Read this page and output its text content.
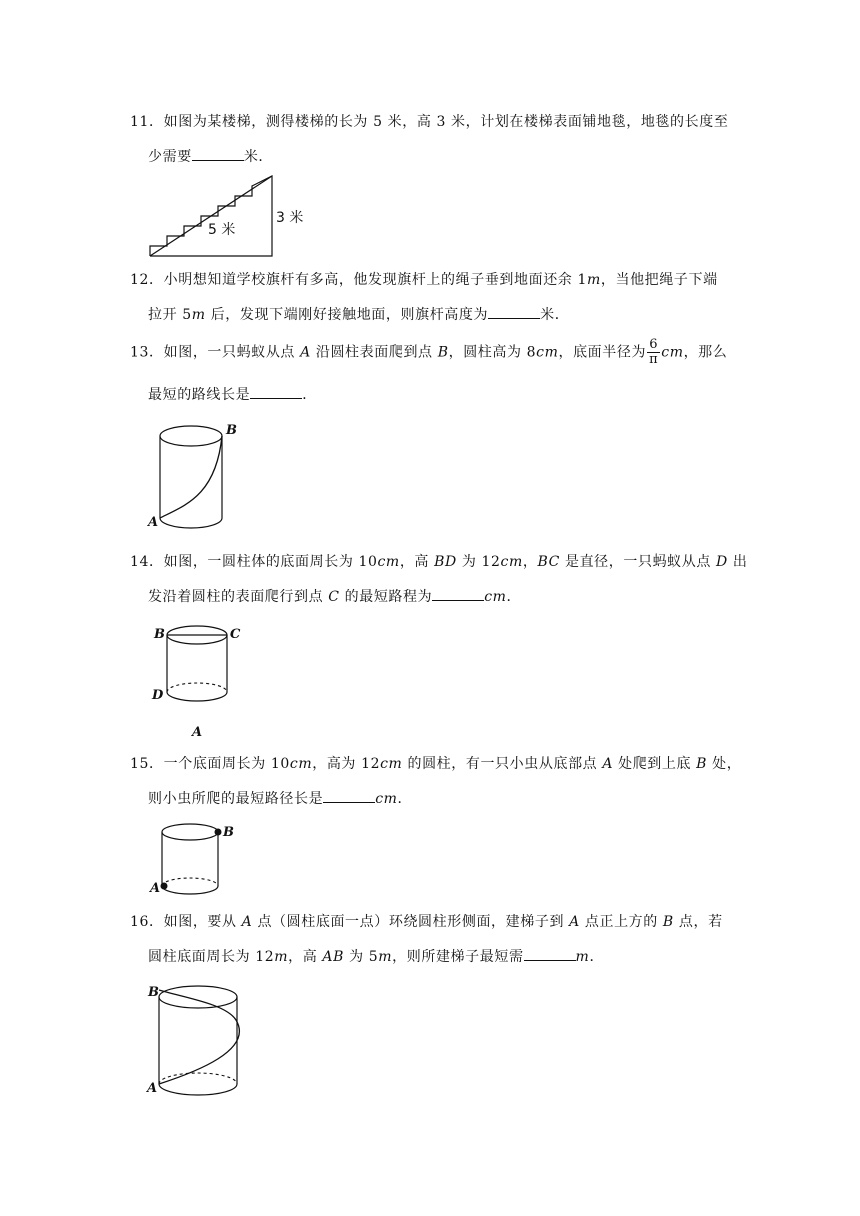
11．如图为某楼梯，测得楼梯的长为 5 米，高 3 米，计划在楼梯表面铺地毯，地毯的长度至
少需要	米．
5 米
3 米
12．小明想知道学校旗杆有多高，他发现旗杆上的绳子垂到地面还余 1m，当他把绳子下端
拉开 5m 后，发现下端刚好接触地面，则旗杆高度为	米．
13．如图，一只蚂蚁从点 A 沿圆柱表面爬到点 B，圆柱高为 8cm，底面半径为 $\frac{6}{\pi}$ cm，那么
最短的路线长是	．
B
A
14．如图，一圆柱体的底面周长为 10cm，高 BD 为 12cm，BC 是直径，一只蚂蚁从点 D 出
发沿着圆柱的表面爬行到点 C 的最短路程为	cm．
B	C
D
A
15．一个底面周长为 10cm，高为 12cm 的圆柱，有一只小虫从底部点 A 处爬到上底 B 处，
则小虫所爬的最短路径长是	cm．
B
A
16．如图，要从 A 点（圆柱底面一点）环绕圆柱形侧面，建梯子到 A 点正上方的 B 点，若
圆柱底面周长为 12m，高 AB 为 5m，则所建梯子最短需	m．
B
A
